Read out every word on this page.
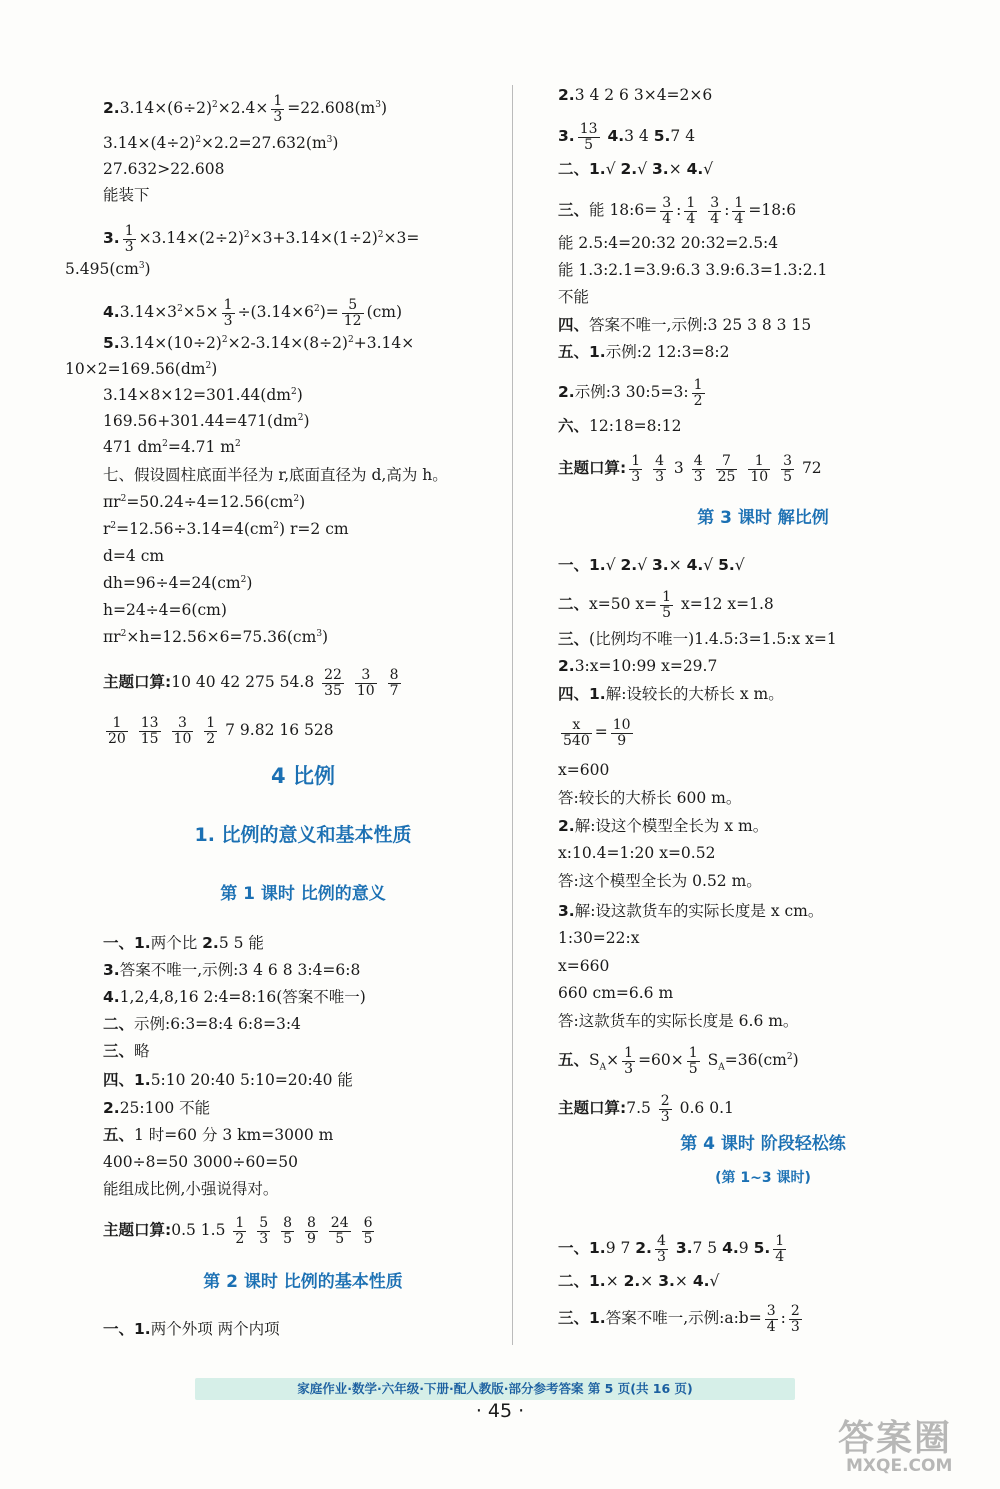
$2.3.14\times(6\div 2)^2\times 2.4\times \frac{1}{3} =22.608(m^3)$
$3.14\times(4\div 2)^2\times 2.2=27.632(m^3)$
27.632>22.608
能装下
3. $\frac{1}{3} \times 3.14\times(2\div 2)^2\times 3+3.14\times(1\div 2)^2\times 3=$
$5.495(cm^3)$
$4.3.14\times 3^2\times 5\times \frac{1}{3} \div(3.14\times 6^2)= \frac{5}{12} (cm)$
$5.3.14\times(10\div 2)^2\times 2-3.14\times(8\div 2)^2+3.14\times$
$10\times 2=169.56(dm^2)$
$3.14\times 8\times 12=301.44(dm^2)$
$169.56+301.44=471(dm^2)$
471 $dm^2=4.71$ $m^2$
七、假设圆柱底面半径为 r,底面直径为 d,高为 h。
$\pi r^2=50.24\div 4=12.56(cm^2)$
$r^2=12.56\div 3.14=4(cm^2)$ r=2 cm
d=4 cm
$dh=96\div 4=24(cm^2)$
h=24÷4=6(cm)
$\pi r^2\times h=12.56\times 6=75.36(cm^3)$
主题口算:10 40 42 275 $54.8 \frac{22}{35}$
$\frac{3}{10}$
$\frac{8}{7}$
$\frac{1}{20}$
$\frac{13}{15}$
$\frac{3}{10}$
$\frac{1}{2} 7$ 9.82 16 528
4 比例
1. 比例的意义和基本性质
第 1 课时 比例的意义
一、1.两个比 2.5 5 能
3.答案不唯一,示例:3 4 6 8 3:4=6:8
4.1,2,4,8,16 2:4=8:16(答案不唯一)
二、示例:6:3=8:4 6:8=3:4
三、略
四、1.5:10 20:40 5:10=20:40 能
2.25:100 不能
五、1 时=60 分 3 km=3000 m
400÷8=50 3000÷60=50
能组成比例,小强说得对。
主题口算:0.5 $1.5 \frac{1}{2}$
$\frac{5}{3}$
$\frac{8}{5}$
$\frac{8}{9}$
$\frac{24}{5}$
$\frac{6}{5}$
第 2 课时 比例的基本性质
一、1.两个外项 两个内项
2.3 4 2 6 3×4=2×6
3. $\frac{13}{5} 4.3$ 4 5.7 4
二、1.√ 2.√ 3.× 4.√
三、能 18:6= $\frac{3}{4}$ : $\frac{1}{4}$
$\frac{3}{4}$ : $\frac{1}{4}$ =18:6
能 2.5:4=20:32 20:32=2.5:4
能 1.3:2.1=3.9:6.3 3.9:6.3=1.3:2.1
不能
四、答案不唯一,示例:3 25 3 8 3 15
五、1.示例:2 12:3=8:2
2.示例:3 30:5=3: $\frac{1}{2}$
六、12:18=8:12
主题口算: $\frac{1}{3}$
$\frac{4}{3} 3 \frac{4}{3}$
$\frac{7}{25}$
$\frac{1}{10}$
$\frac{3}{5} 72$
第 3 课时 解比例
一、1.√ 2.√ 3.× 4.√ 5.√
二、x=50 $x= \frac{1}{5} x=12$ x=1.8
三、(比例均不唯一)1.4.5:3=1.5:x x=1
2.3:x=10:99 x=29.7
四、1.解:设较长的大桥长 x m。
$\frac{x}{540} = \frac{10}{9}$
x=600
答:较长的大桥长 600 m。
2.解:设这个模型全长为 x m。
x:10.4=1:20 x=0.52
答:这个模型全长为 0.52 m。
3.解:设这款货车的实际长度是 x cm。
1:30=22:x
x=660
660 cm=6.6 m
答:这款货车的实际长度是 6.6 m。
五、$S_A\times \frac{1}{3} =60\times \frac{1}{5} S_A=36(cm^2)$
主题口算:7.5 $\frac{2}{3} 0.6$ 0.1
第 4 课时 阶段轻松练
(第 1~3 课时)
一、1.9 7 2. $\frac{4}{3} 3.7$ 5 4.9 5. $\frac{1}{4}$
二、1.× 2.× 3.× 4.√
三、1.答案不唯一,示例:a:b= $\frac{3}{4}$ : $\frac{2}{3}$
家庭作业·数学·六年级·下册·配人教版·部分参考答案 第 5 页(共 16 页)
· 45 ·
答案圈
MXQE.COM
